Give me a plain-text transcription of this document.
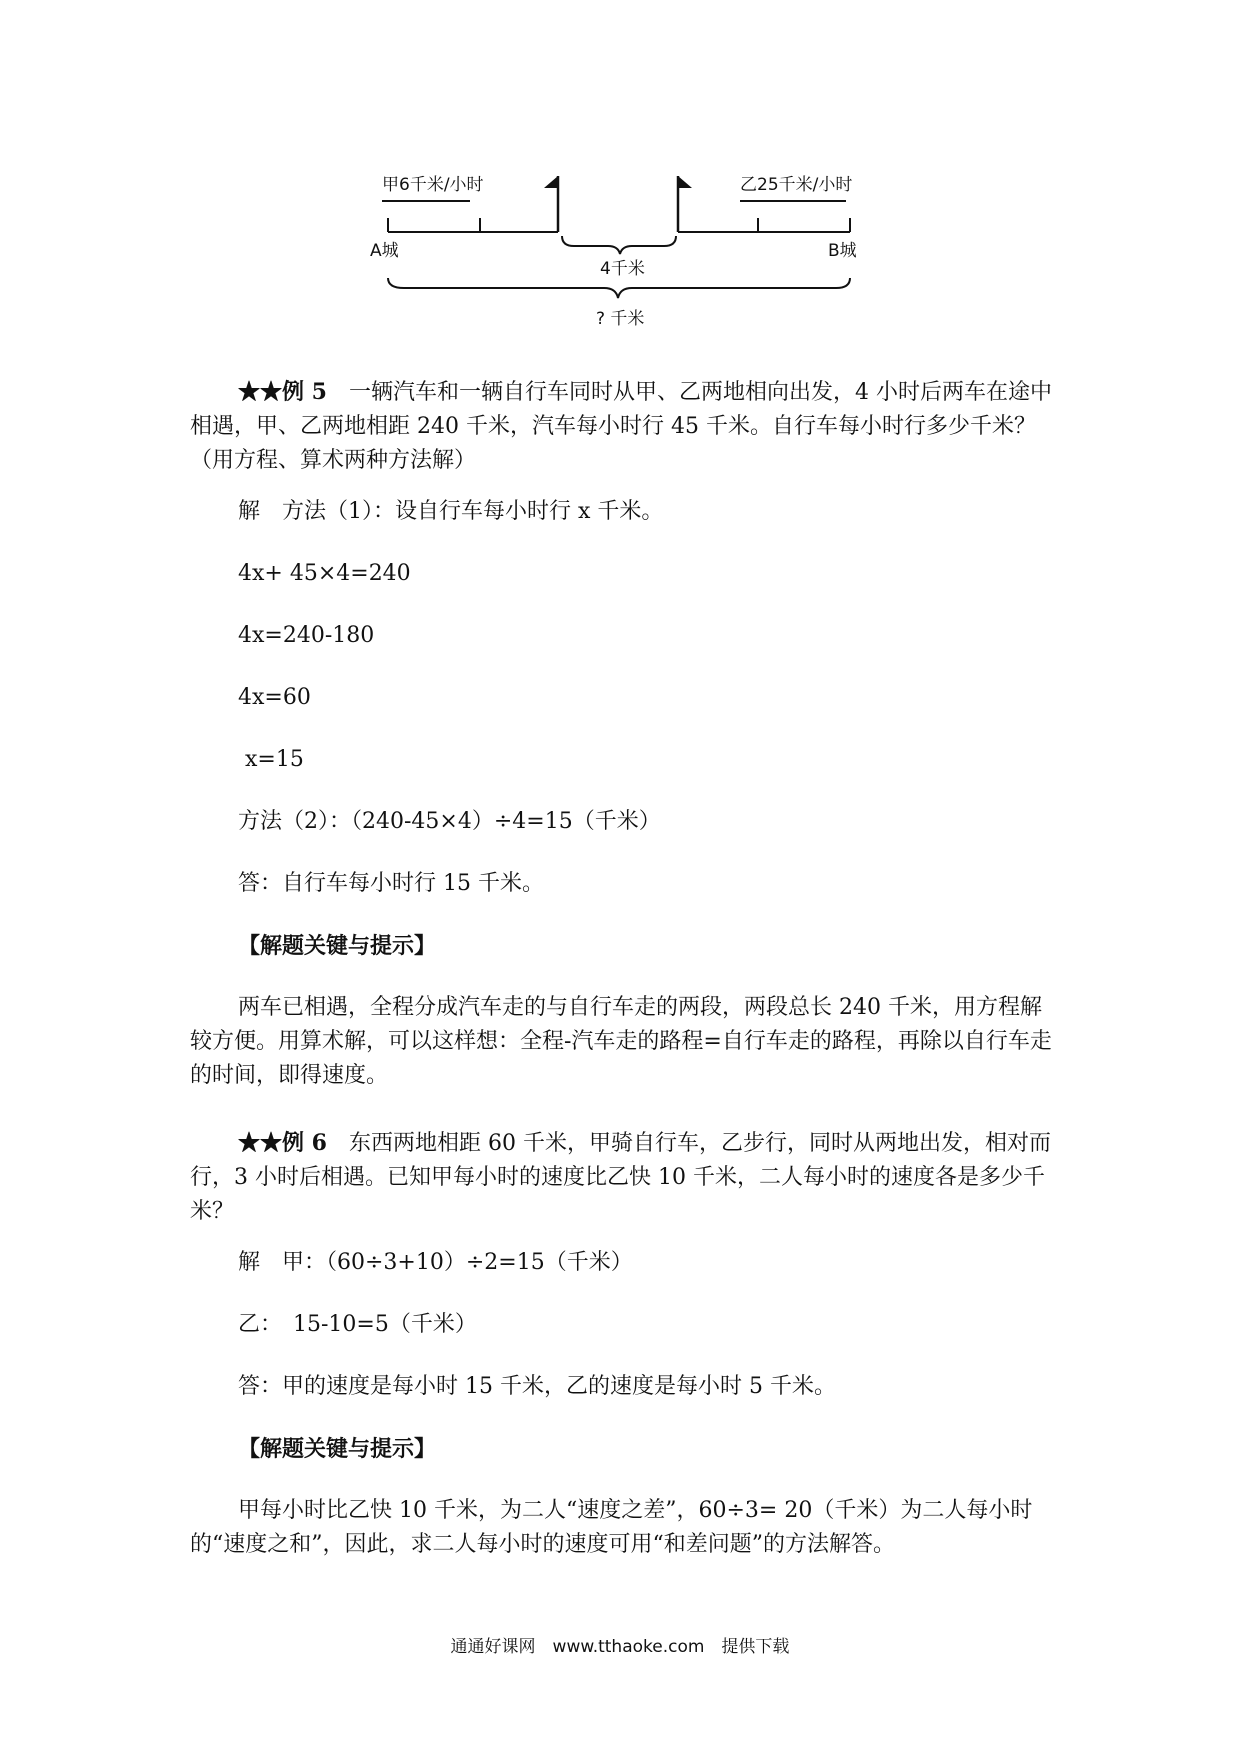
甲6千米/小时
A城
乙25千米/小时
B城
4千米
? 千米

★★例 5  一辆汽车和一辆自行车同时从甲、乙两地相向出发，4 小时后两车在途中相遇，甲、乙两地相距 240 千米，汽车每小时行 45 千米。自行车每小时行多少千米？（用方程、算术两种方法解）

解　方法（1）：设自行车每小时行 x 千米。

4x+ 45×4=240

4x=240-180

4x=60

x=15

方法（2）：（240-45×4）÷4=15（千米）

答：自行车每小时行 15 千米。

【解题关键与提示】

两车已相遇，全程分成汽车走的与自行车走的两段，两段总长 240 千米，用方程解较方便。用算术解，可以这样想：全程-汽车走的路程=自行车走的路程，再除以自行车走的时间，即得速度。

★★例 6  东西两地相距 60 千米，甲骑自行车，乙步行，同时从两地出发，相对而行，3 小时后相遇。已知甲每小时的速度比乙快 10 千米，二人每小时的速度各是多少千米？

解　甲：（60÷3+10）÷2=15（千米）

乙：　15-10=5（千米）

答：甲的速度是每小时 15 千米，乙的速度是每小时 5 千米。

【解题关键与提示】

甲每小时比乙快 10 千米，为二人“速度之差”，60÷3= 20（千米）为二人每小时的“速度之和”，因此，求二人每小时的速度可用“和差问题”的方法解答。

通通好课网　www.tthaoke.com　提供下载
